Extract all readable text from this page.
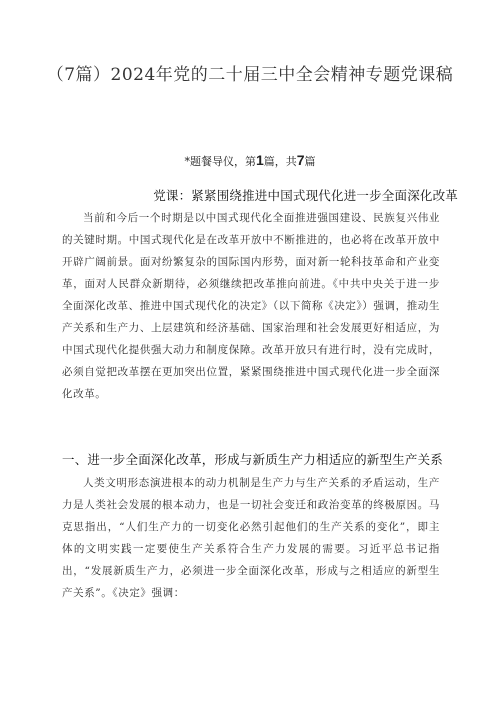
（7篇）2024年党的二十届三中全会精神专题党课稿
*题餐导仪，第1篇，共7篇
党课：紧紧围绕推进中国式现代化进一步全面深化改革

当前和今后一个时期是以中国式现代化全面推进强国建设、民族复兴伟业的关键时期。中国式现代化是在改革开放中不断推进的，也必将在改革开放中开辟广阔前景。面对纷繁复杂的国际国内形势，面对新一轮科技革命和产业变革，面对人民群众新期待，必须继续把改革推向前进。《中共中央关于进一步全面深化改革、推进中国式现代化的决定》（以下简称《决定》）强调，推动生产关系和生产力、上层建筑和经济基础、国家治理和社会发展更好相适应，为中国式现代化提供强大动力和制度保障。改革开放只有进行时，没有完成时，必须自觉把改革摆在更加突出位置，紧紧围绕推进中国式现代化进一步全面深化改革。

一、进一步全面深化改革，形成与新质生产力相适应的新型生产关系

人类文明形态演进根本的动力机制是生产力与生产关系的矛盾运动，生产力是人类社会发展的根本动力，也是一切社会变迁和政治变革的终极原因。马克思指出，“人们生产力的一切变化必然引起他们的生产关系的变化”，即主体的文明实践一定要使生产关系符合生产力发展的需要。习近平总书记指出，“发展新质生产力，必须进一步全面深化改革，形成与之相适应的新型生产关系”。《决定》强调：
